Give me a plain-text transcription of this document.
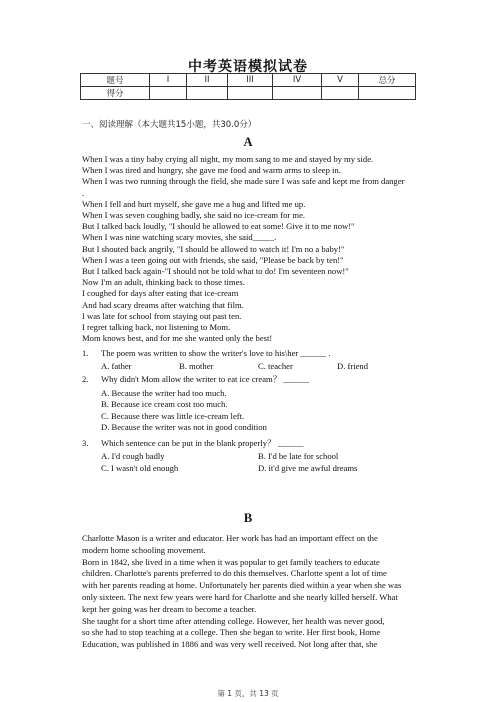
中考英语模拟试卷
题号	I	II	III	IV	V	总分
得分						
一、阅读理解（本大题共15小题，共30.0分）
A
When I was a tiny baby crying all night, my mom sang to me and stayed by my side.
When I was tired and hungry, she gave me food and warm arms to sleep in.
When I was two running through the field, she made sure I was safe and kept me from danger
.
When I fell and hurt myself, she gave me a hug and lifted me up.
When I was seven coughing badly, she said no ice-cream for me.
But I talked back loudly, "I should be allowed to eat some! Give it to me now!"
When I was nine watching scary movies, she said_____.
But I shouted back angrily, "I should be allowed to watch it! I'm no a baby!"
When I was a teen going out with friends, she said, "Please be back by ten!"
But I talked back again-"I should not be told what to do! I'm seventeen now!"
Now I'm an adult, thinking back to those times.
I coughed for days after eating that ice-cream
And had scary dreams after watching that film.
I was late for school from staying out past ten.
I regret talking back, not listening to Mom.
Mom knows best, and for me she wanted only the best!
1. The poem was written to show the writer's love to his\her ______ .
A. father	B. mother	C. teacher	D. friend
2. Why didn't Mom allow the writer to eat ice cream？ ______
A. Because the writer had too much.
B. Because ice cream cost too much.
C. Because there was little ice-cream left.
D. Because the writer was not in good condition
3. Which sentence can be put in the blank properly？ ______
A. I'd cough badly	B. I'd be late for school
C. I wasn't old enough	D. it'd give me awful dreams
B
Charlotte Mason is a writer and educator. Her work has had an important effect on the
modern home schooling movement.
Born in 1842, she lived in a time when it was popular to get family teachers to educate
children. Charlotte's parents preferred to do this themselves. Charlotte spent a lot of time
with her parents reading at home. Unfortunately her parents died within a year when she was
only sixteen. The next few years were hard for Charlotte and she nearly killed herself. What
kept her going was her dream to become a teacher.
She taught for a short time after attending college. However, her health was never good,
so she had to stop teaching at a college. Then she began to write. Her first book, Home
Education, was published in 1886 and was very well received. Not long after that, she
第 1 页，共 13 页
